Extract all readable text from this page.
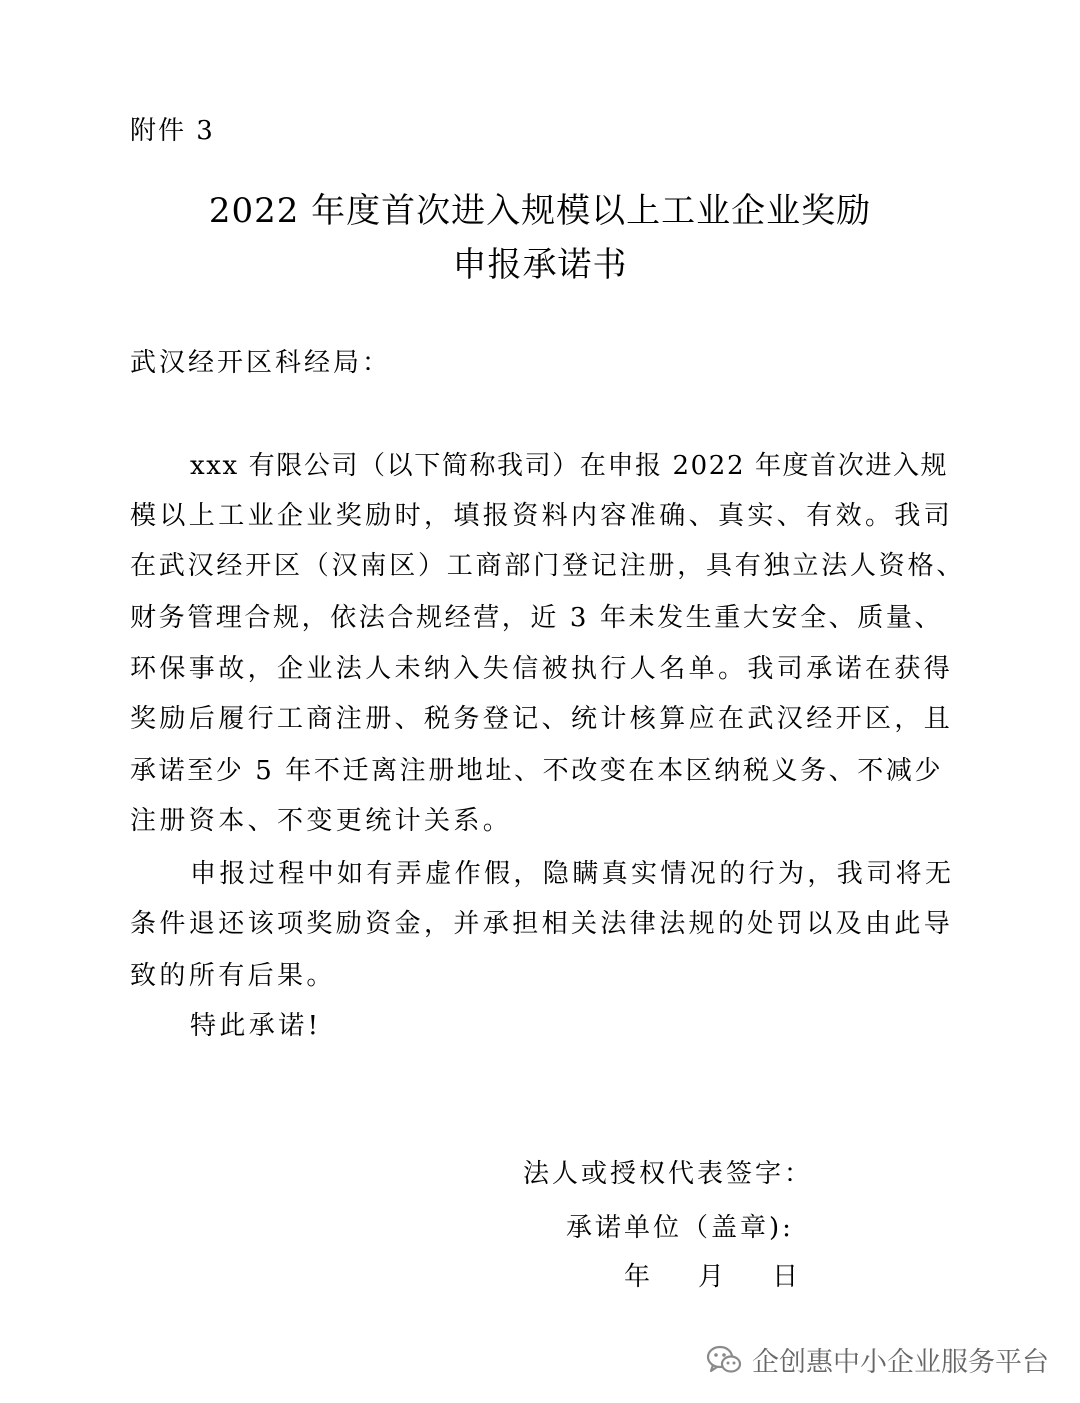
附件 3
2022 年度首次进入规模以上工业企业奖励
申报承诺书
武汉经开区科经局：
xxx 有限公司（以下简称我司）在申报 2022 年度首次进入规
模以上工业企业奖励时，填报资料内容准确、真实、有效。我司
在武汉经开区（汉南区）工商部门登记注册，具有独立法人资格、
财务管理合规，依法合规经营，近 3 年未发生重大安全、质量、
环保事故，企业法人未纳入失信被执行人名单。我司承诺在获得
奖励后履行工商注册、税务登记、统计核算应在武汉经开区，且
承诺至少 5 年不迁离注册地址、不改变在本区纳税义务、不减少
注册资本、不变更统计关系。
申报过程中如有弄虚作假，隐瞒真实情况的行为，我司将无
条件退还该项奖励资金，并承担相关法律法规的处罚以及由此导
致的所有后果。
特此承诺!
法人或授权代表签字：
承诺单位（盖章):
年    月    日
企创惠中小企业服务平台
